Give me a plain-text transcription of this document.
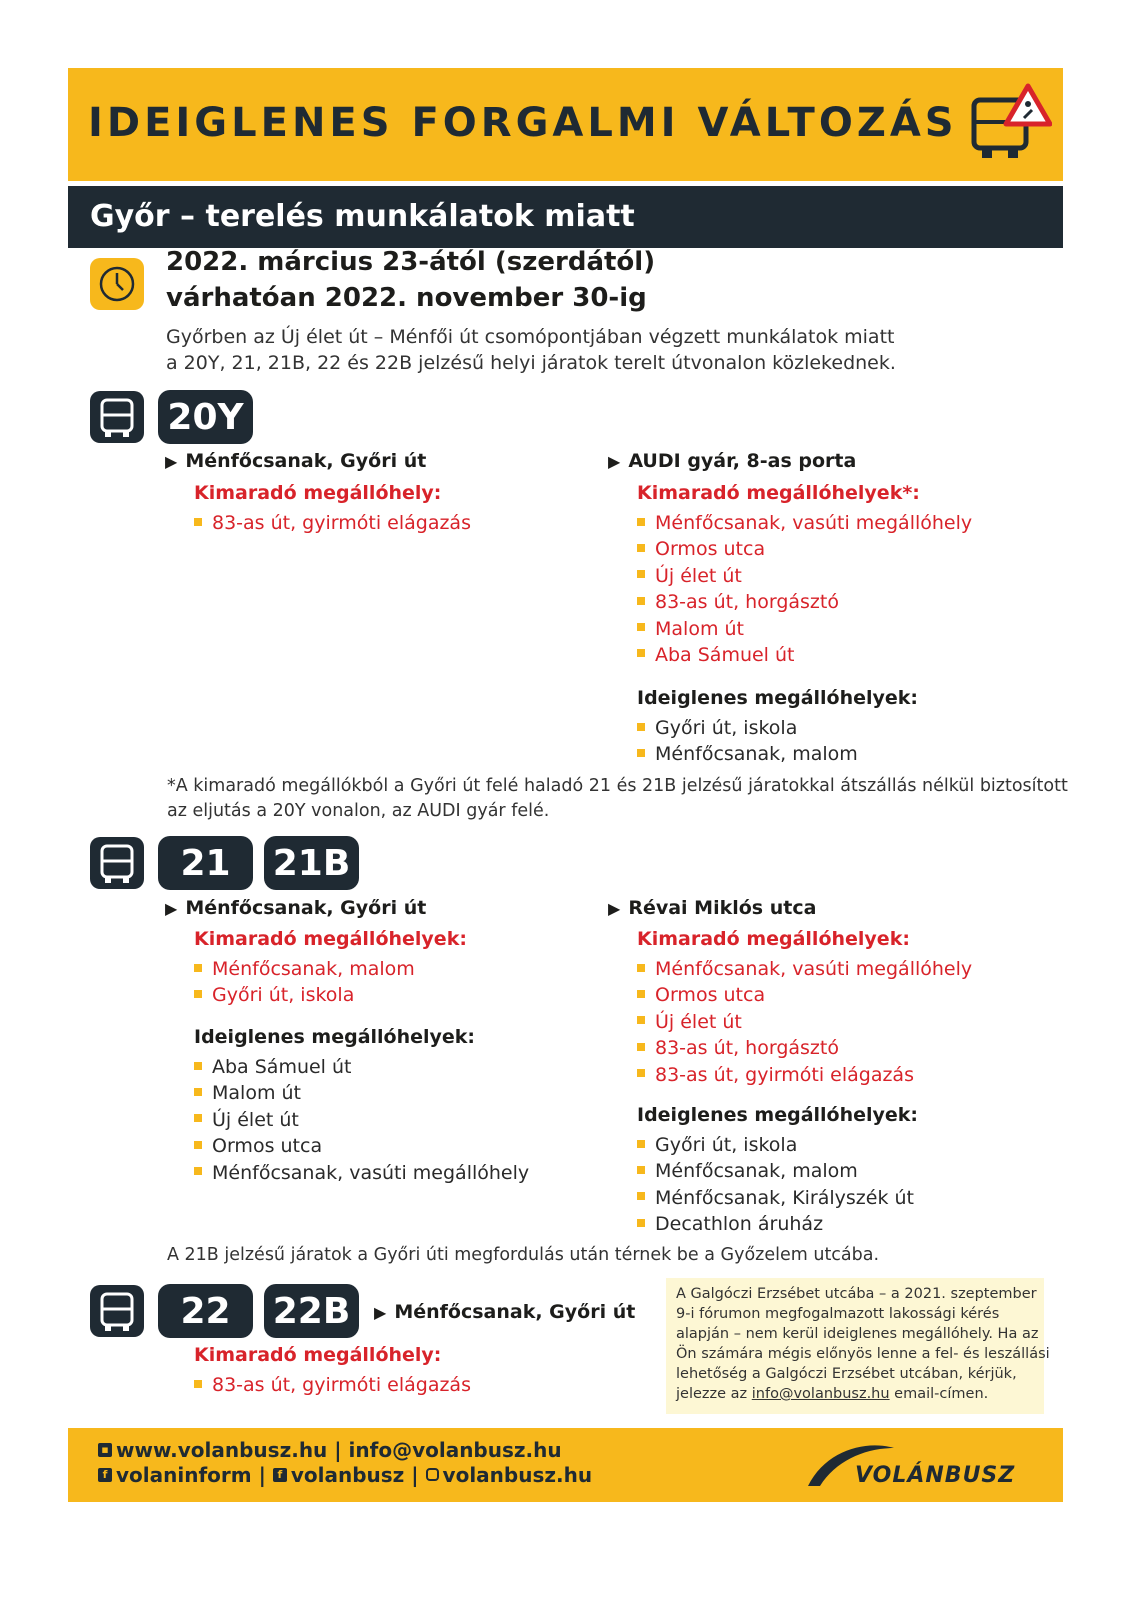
IDEIGLENES FORGALMI VÁLTOZÁS
Győr – terelés munkálatok miatt
2022. március 23-ától (szerdától)
várhatóan 2022. november 30-ig
Győrben az Új élet út – Ménfői út csomópontjában végzett munkálatok miatt
a 20Y, 21, 21B, 22 és 22B jelzésű helyi járatok terelt útvonalon közlekednek.
20Y
▶ Ménfőcsanak, Győri út
Kimaradó megállóhely:
83-as út, gyirmóti elágazás
▶ AUDI gyár, 8-as porta
Kimaradó megállóhelyek*:
Ménfőcsanak, vasúti megállóhely
Ormos utca
Új élet út
83-as út, horgásztó
Malom út
Aba Sámuel út
Ideiglenes megállóhelyek:
Győri út, iskola
Ménfőcsanak, malom
*A kimaradó megállókból a Győri út felé haladó 21 és 21B jelzésű járatokkal átszállás nélkül biztosított
az eljutás a 20Y vonalon, az AUDI gyár felé.
21	21B
▶ Ménfőcsanak, Győri út
Kimaradó megállóhelyek:
Ménfőcsanak, malom
Győri út, iskola
Ideiglenes megállóhelyek:
Aba Sámuel út
Malom út
Új élet út
Ormos utca
Ménfőcsanak, vasúti megállóhely
▶ Révai Miklós utca
Kimaradó megállóhelyek:
Ménfőcsanak, vasúti megállóhely
Ormos utca
Új élet út
83-as út, horgásztó
83-as út, gyirmóti elágazás
Ideiglenes megállóhelyek:
Győri út, iskola
Ménfőcsanak, malom
Ménfőcsanak, Királyszék út
Decathlon áruház
A 21B jelzésű járatok a Győri úti megfordulás után térnek be a Győzelem utcába.
22	22B	▶ Ménfőcsanak, Győri út
Kimaradó megállóhely:
83-as út, gyirmóti elágazás
A Galgóczi Erzsébet utcába – a 2021. szeptember
9-i fórumon megfogalmazott lakossági kérés
alapján – nem kerül ideiglenes megállóhely. Ha az
Ön számára mégis előnyös lenne a fel- és leszállási
lehetőség a Galgóczi Erzsébet utcában, kérjük,
jelezze az info@volanbusz.hu email-címen.
▪ www.volanbusz.hu | info@volanbusz.hu
f volaninform | f volanbusz | volanbusz.hu	VOLÁNBUSZ
